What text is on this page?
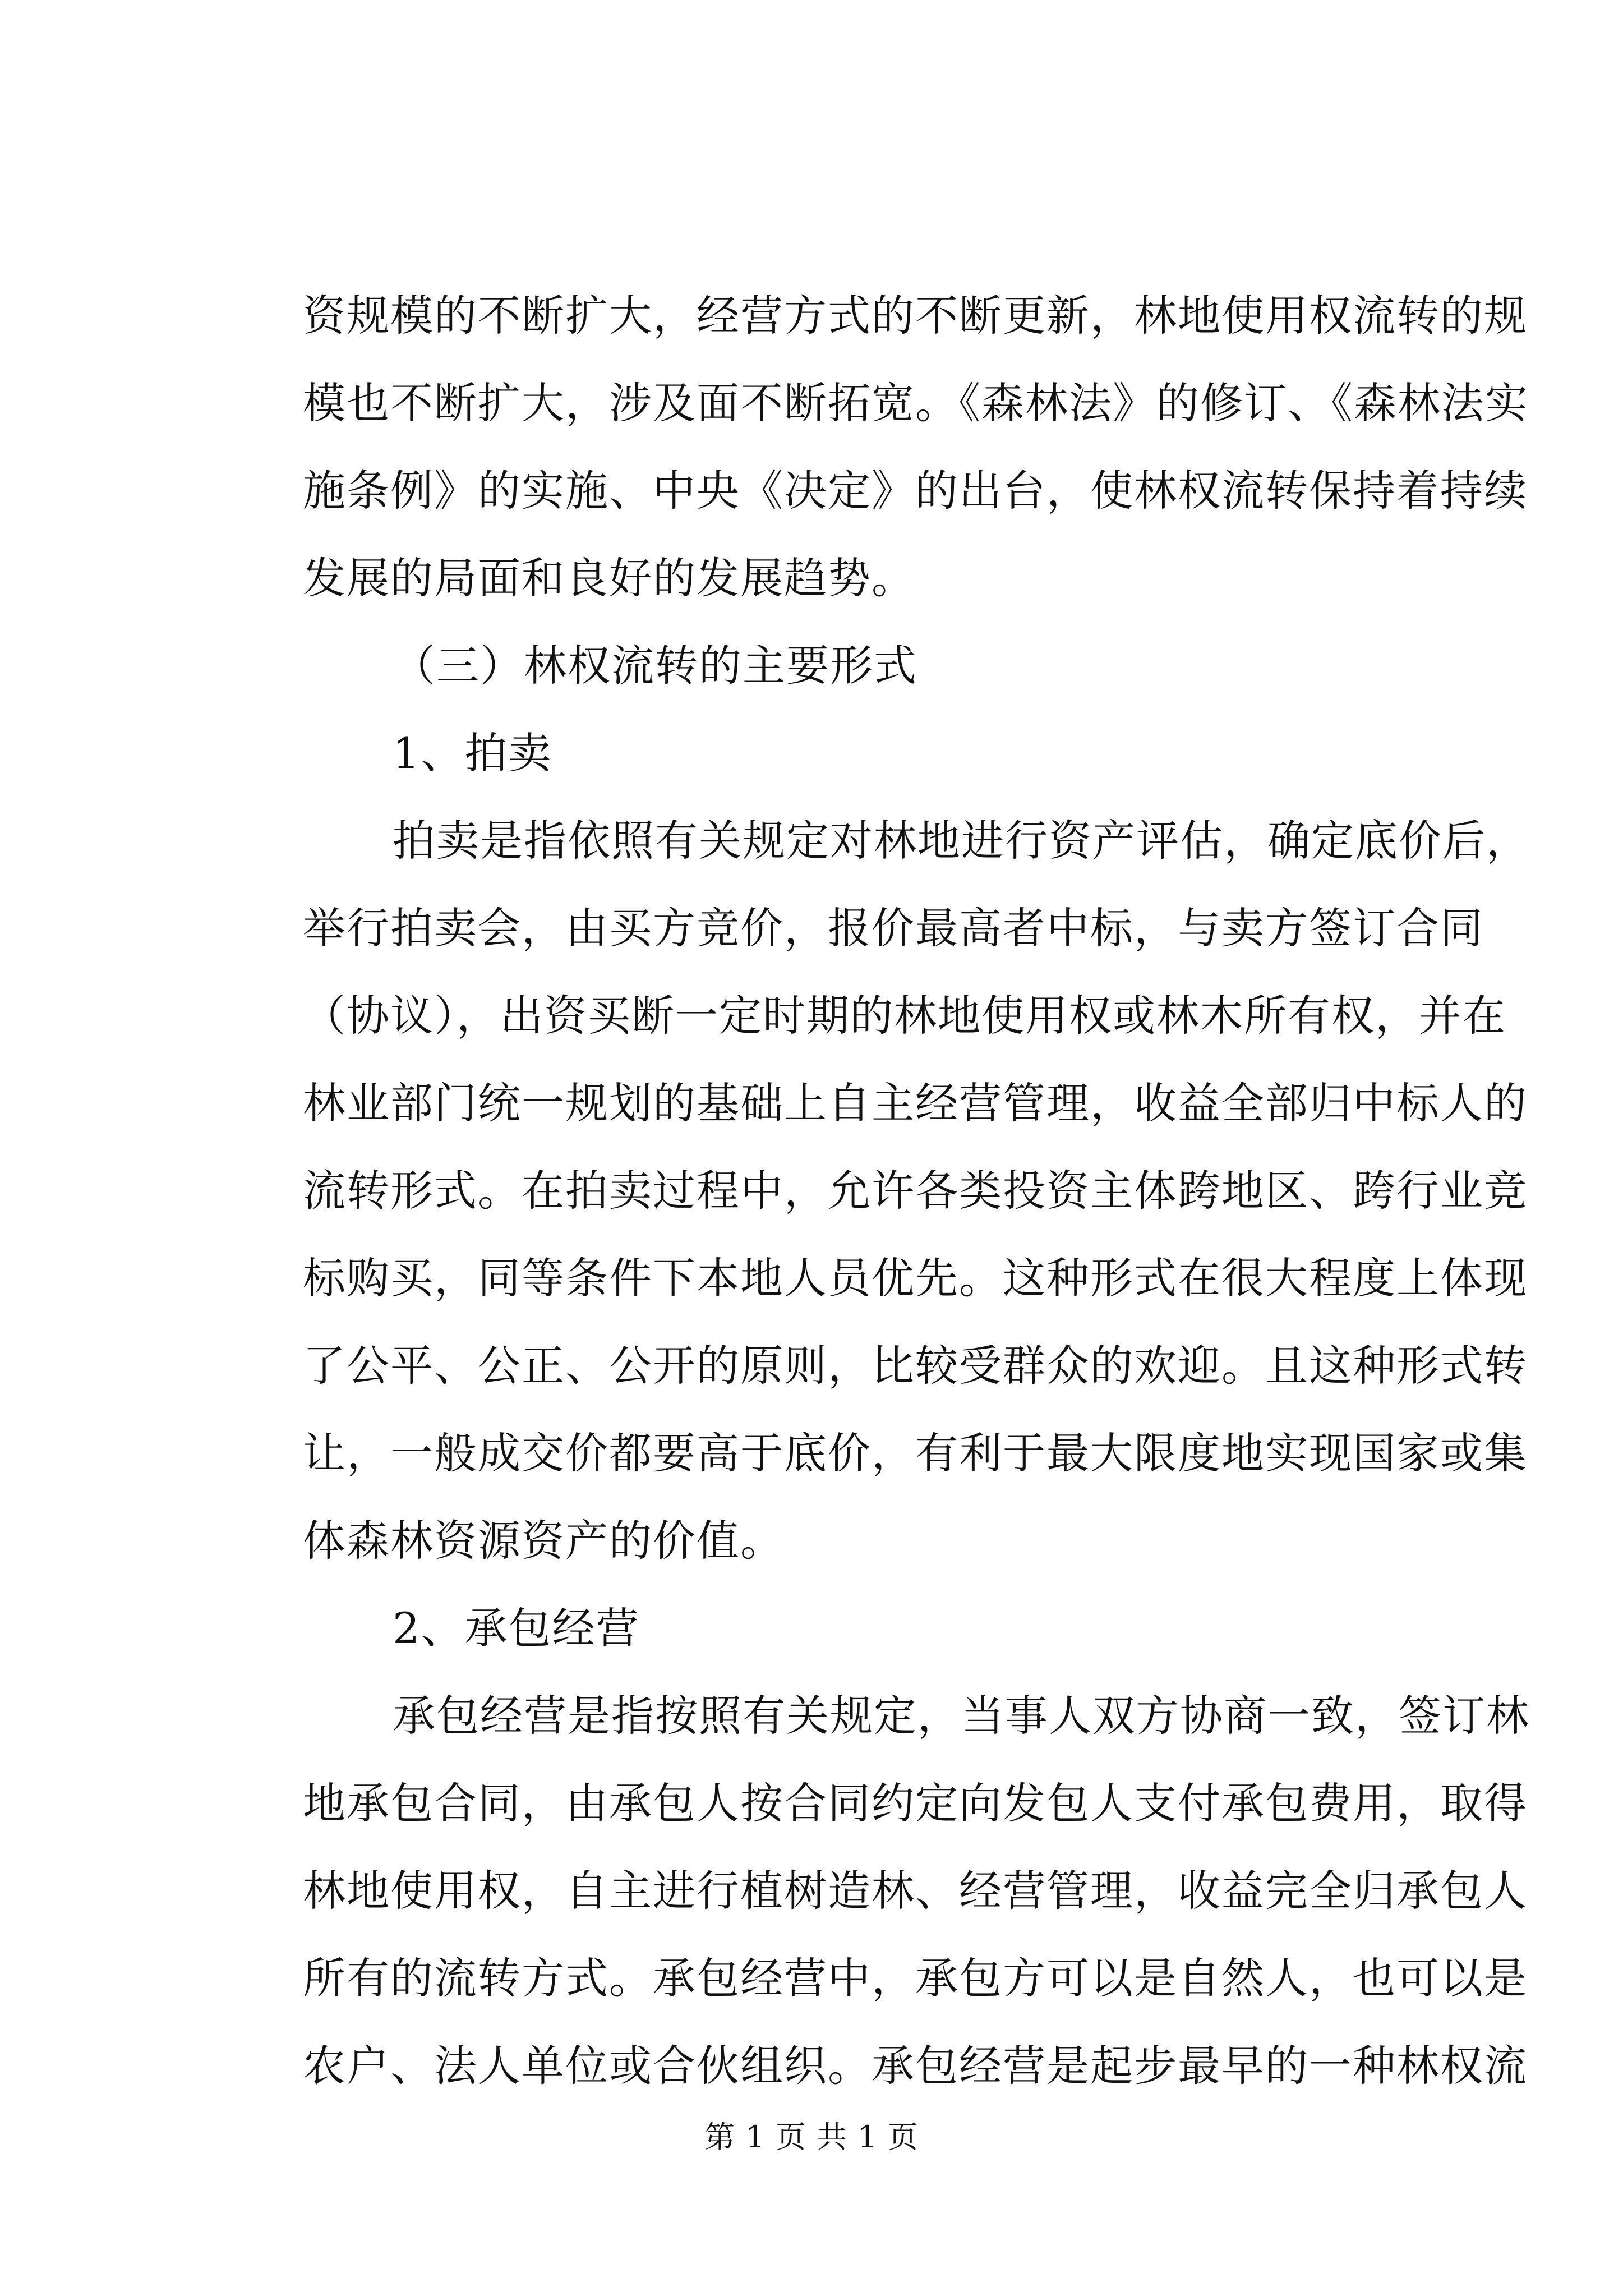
资规模的不断扩大，经营方式的不断更新，林地使用权流转的规
模也不断扩大，涉及面不断拓宽。《森林法》的修订、《森林法实
施条例》的实施、中央《决定》的出台，使林权流转保持着持续
发展的局面和良好的发展趋势。
（三）林权流转的主要形式
1、拍卖
拍卖是指依照有关规定对林地进行资产评估，确定底价后，
举行拍卖会，由买方竞价，报价最高者中标，与卖方签订合同
（协议），出资买断一定时期的林地使用权或林木所有权，并在
林业部门统一规划的基础上自主经营管理，收益全部归中标人的
流转形式。在拍卖过程中，允许各类投资主体跨地区、跨行业竞
标购买，同等条件下本地人员优先。这种形式在很大程度上体现
了公平、公正、公开的原则，比较受群众的欢迎。且这种形式转
让，一般成交价都要高于底价，有利于最大限度地实现国家或集
体森林资源资产的价值。
2、承包经营
承包经营是指按照有关规定，当事人双方协商一致，签订林
地承包合同，由承包人按合同约定向发包人支付承包费用，取得
林地使用权，自主进行植树造林、经营管理，收益完全归承包人
所有的流转方式。承包经营中，承包方可以是自然人，也可以是
农户、法人单位或合伙组织。承包经营是起步最早的一种林权流
第 1 页 共 1 页
